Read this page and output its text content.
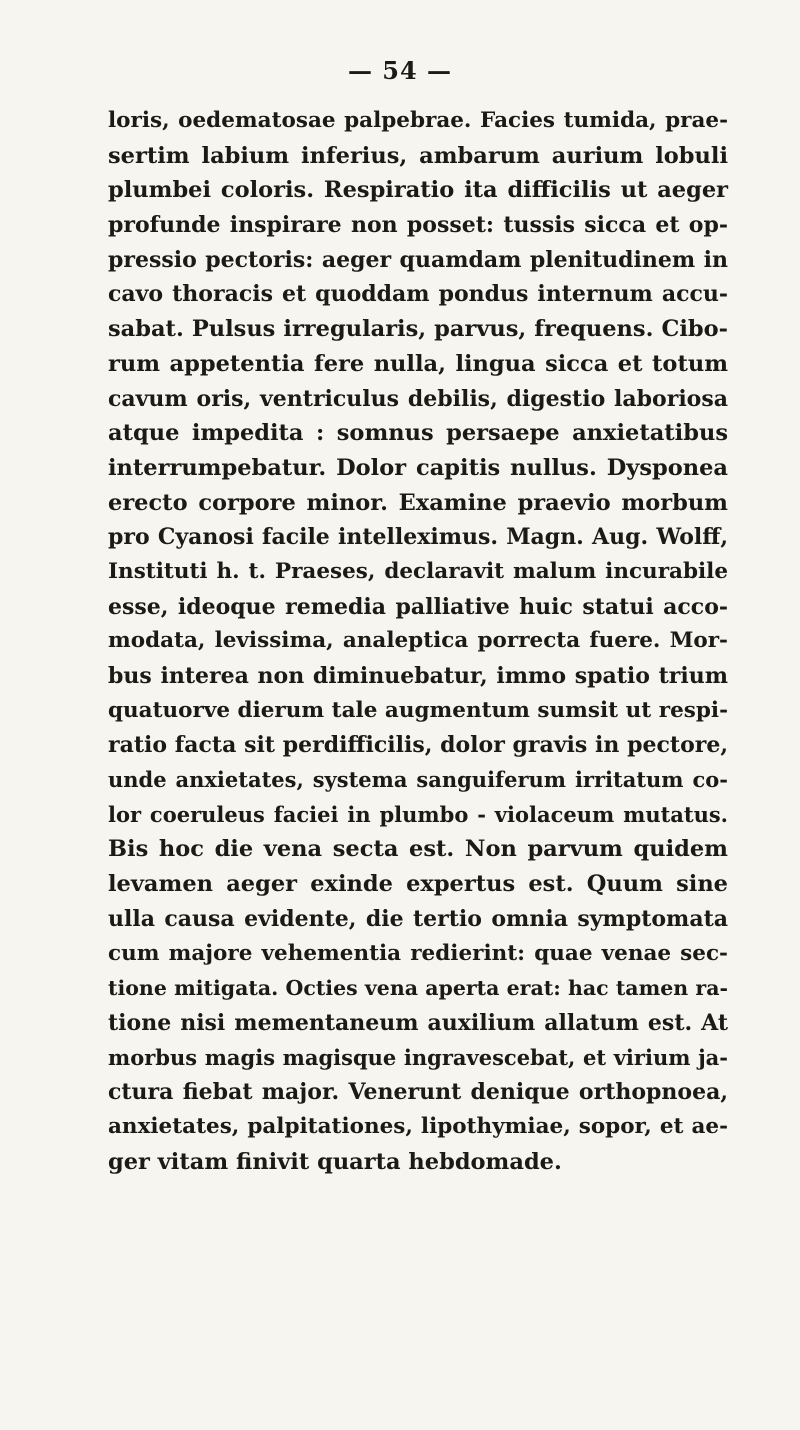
— 54 —
loris, oedematosae palpebrae. Facies tumida, prae-
sertim labium inferius, ambarum aurium lobuli
plumbei coloris. Respiratio ita difficilis ut aeger
profunde inspirare non posset: tussis sicca et op-
pressio pectoris: aeger quamdam plenitudinem in
cavo thoracis et quoddam pondus internum accu-
sabat. Pulsus irregularis, parvus, frequens. Cibo-
rum appetentia fere nulla, lingua sicca et totum
cavum oris, ventriculus debilis, digestio laboriosa
atque impedita : somnus persaepe anxietatibus
interrumpebatur. Dolor capitis nullus. Dysponea
erecto corpore minor. Examine praevio morbum
pro Cyanosi facile intelleximus. Magn. Aug. Wolff,
Instituti h. t. Praeses, declaravit malum incurabile
esse, ideoque remedia palliative huic statui acco-
modata, levissima, analeptica porrecta fuere. Mor-
bus interea non diminuebatur, immo spatio trium
quatuorve dierum tale augmentum sumsit ut respi-
ratio facta sit perdifficilis, dolor gravis in pectore,
unde anxietates, systema sanguiferum irritatum co-
lor coeruleus faciei in plumbo - violaceum mutatus.
Bis hoc die vena secta est. Non parvum quidem
levamen aeger exinde expertus est. Quum sine
ulla causa evidente, die tertio omnia symptomata
cum majore vehementia redierint: quae venae sec-
tione mitigata. Octies vena aperta erat: hac tamen ra-
tione nisi mementaneum auxilium allatum est. At
morbus magis magisque ingravescebat, et virium ja-
ctura fiebat major. Venerunt denique orthopnoea,
anxietates, palpitationes, lipothymiae, sopor, et ae-
ger vitam finivit quarta hebdomade.
